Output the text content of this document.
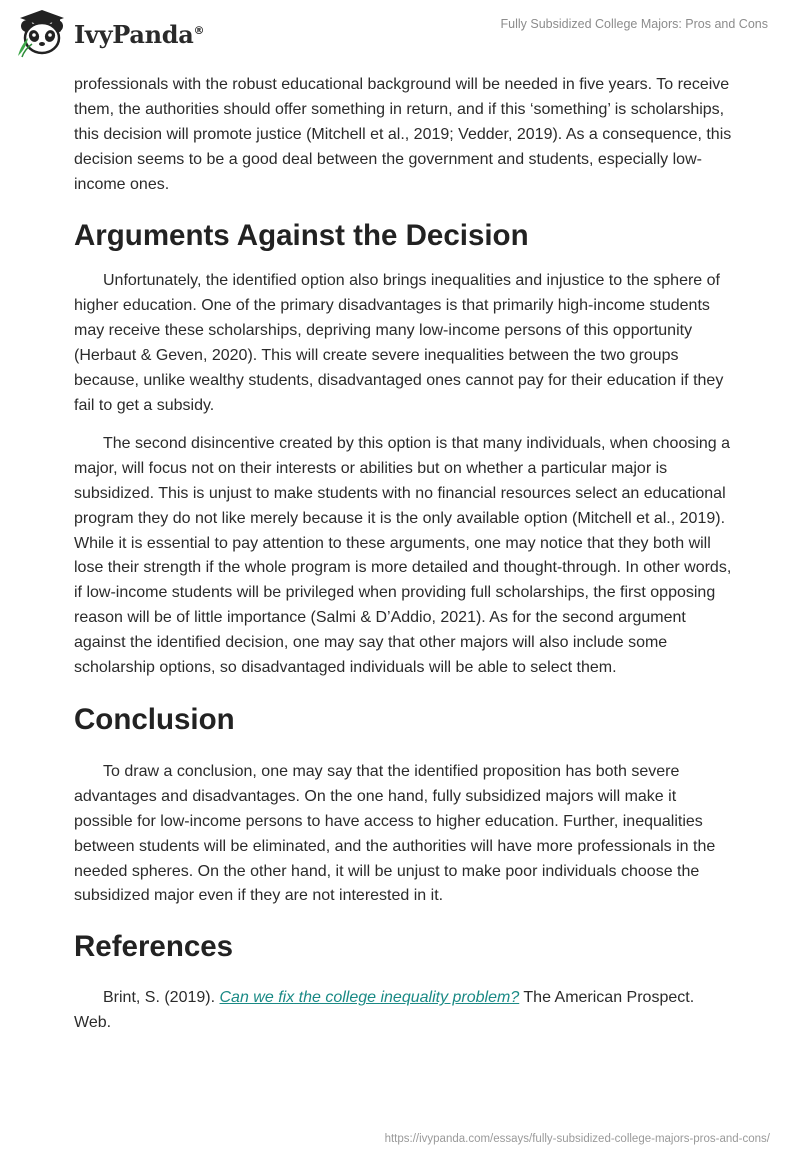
IvyPanda®	Fully Subsidized College Majors: Pros and Cons

professionals with the robust educational background will be needed in five years. To receive them, the authorities should offer something in return, and if this ‘something’ is scholarships, this decision will promote justice (Mitchell et al., 2019; Vedder, 2019). As a consequence, this decision seems to be a good deal between the government and students, especially low-income ones.

Arguments Against the Decision

Unfortunately, the identified option also brings inequalities and injustice to the sphere of higher education. One of the primary disadvantages is that primarily high-income students may receive these scholarships, depriving many low-income persons of this opportunity (Herbaut & Geven, 2020). This will create severe inequalities between the two groups because, unlike wealthy students, disadvantaged ones cannot pay for their education if they fail to get a subsidy.

The second disincentive created by this option is that many individuals, when choosing a major, will focus not on their interests or abilities but on whether a particular major is subsidized. This is unjust to make students with no financial resources select an educational program they do not like merely because it is the only available option (Mitchell et al., 2019). While it is essential to pay attention to these arguments, one may notice that they both will lose their strength if the whole program is more detailed and thought-through. In other words, if low-income students will be privileged when providing full scholarships, the first opposing reason will be of little importance (Salmi & D’Addio, 2021). As for the second argument against the identified decision, one may say that other majors will also include some scholarship options, so disadvantaged individuals will be able to select them.

Conclusion

To draw a conclusion, one may say that the identified proposition has both severe advantages and disadvantages. On the one hand, fully subsidized majors will make it possible for low-income persons to have access to higher education. Further, inequalities between students will be eliminated, and the authorities will have more professionals in the needed spheres. On the other hand, it will be unjust to make poor individuals choose the subsidized major even if they are not interested in it.

References

Brint, S. (2019). Can we fix the college inequality problem? The American Prospect. Web.

https://ivypanda.com/essays/fully-subsidized-college-majors-pros-and-cons/
